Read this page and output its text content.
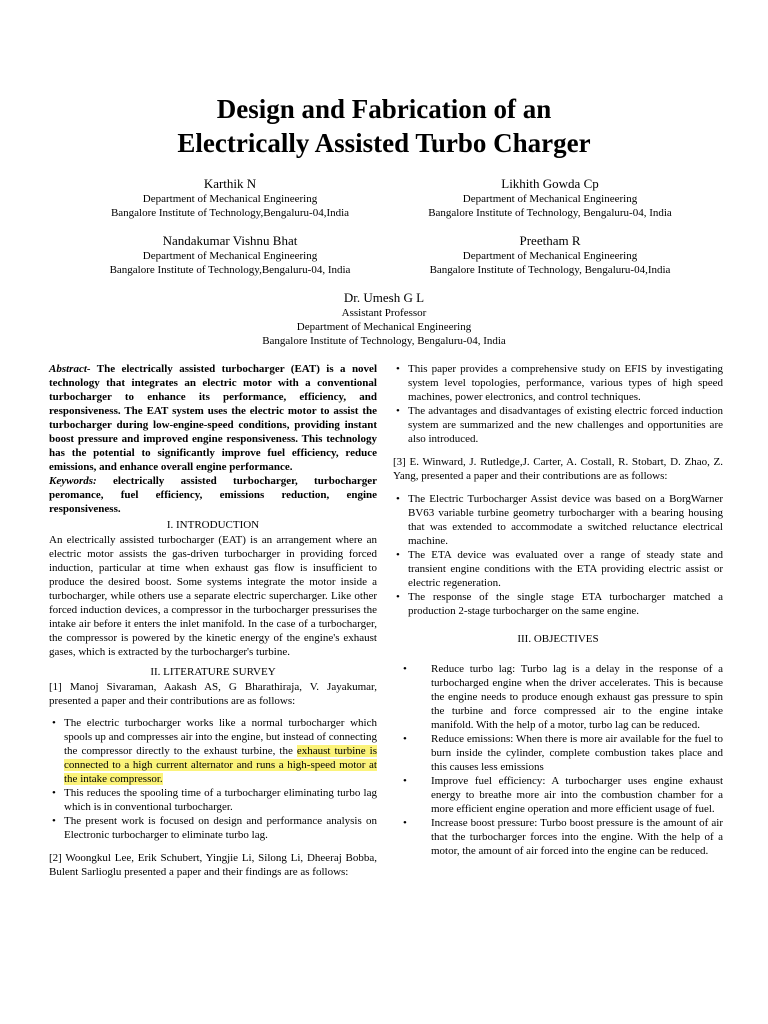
Design and Fabrication of an
Electrically Assisted Turbo Charger
Karthik N
Department of Mechanical Engineering
Bangalore Institute of Technology,Bengaluru-04,India
Likhith Gowda Cp
Department of Mechanical Engineering
Bangalore Institute of Technology, Bengaluru-04, India
Nandakumar Vishnu Bhat
Department of Mechanical Engineering
Bangalore Institute of Technology,Bengaluru-04, India
Preetham R
Department of Mechanical Engineering
Bangalore Institute of Technology, Bengaluru-04,India
Dr. Umesh G L
Assistant Professor
Department of Mechanical Engineering
Bangalore Institute of Technology, Bengaluru-04, India

Abstract- The electrically assisted turbocharger (EAT) is a novel technology that integrates an electric motor with a conventional turbocharger to enhance its performance, efficiency, and responsiveness. The EAT system uses the electric motor to assist the turbocharger during low-engine-speed conditions, providing instant boost pressure and improved engine responsiveness. This technology has the potential to significantly improve fuel efficiency, reduce emissions, and enhance overall engine performance.

Keywords: electrically assisted turbocharger, turbocharger peromance, fuel efficiency, emissions reduction, engine responsiveness.

I. INTRODUCTION

An electrically assisted turbocharger (EAT) is an arrangement where an electric motor assists the gas-driven turbocharger in providing forced induction, particular at time when exhaust gas flow is insufficient to produce the desired boost. Some systems integrate the motor inside a turbocharger, while others use a separate electric supercharger. Like other forced induction devices, a compressor in the turbocharger pressurises the intake air before it enters the inlet manifold. In the case of a turbocharger, the compressor is powered by the kinetic energy of the engine's exhaust gases, which is extracted by the turbocharger's turbine.

II. LITERATURE SURVEY

[1] Manoj Sivaraman, Aakash AS, G Bharathiraja, V. Jayakumar, presented a paper and their contributions are as follows:

• The electric turbocharger works like a normal turbocharger which spools up and compresses air into the engine, but instead of connecting the compressor directly to the exhaust turbine, the exhaust turbine is connected to a high current alternator and runs a high-speed motor at the intake compressor.
• This reduces the spooling time of a turbocharger eliminating turbo lag which is in conventional turbocharger.
• The present work is focused on design and performance analysis on Electronic turbocharger to eliminate turbo lag.

[2] Woongkul Lee, Erik Schubert, Yingjie Li, Silong Li, Dheeraj Bobba, Bulent Sarlioglu presented a paper and their findings are as follows:

• This paper provides a comprehensive study on EFIS by investigating system level topologies, performance, various types of high speed machines, power electronics, and control techniques.
• The advantages and disadvantages of existing electric forced induction system are summarized and the new challenges and opportunities are also introduced.

[3] E. Winward, J. Rutledge,J. Carter, A. Costall, R. Stobart, D. Zhao, Z. Yang, presented a paper and their contributions are as follows:

• The Electric Turbocharger Assist device was based on a BorgWarner BV63 variable turbine geometry turbocharger with a bearing housing that was extended to accommodate a switched reluctance electrical machine.
• The ETA device was evaluated over a range of steady state and transient engine conditions with the ETA providing electric assist or electric regeneration.
• The response of the single stage ETA turbocharger matched a production 2-stage turbocharger on the same engine.

III. OBJECTIVES

• Reduce turbo lag: Turbo lag is a delay in the response of a turbocharged engine when the driver accelerates. This is because the engine needs to produce enough exhaust gas pressure to spin the turbine and force compressed air to the engine intake manifold. With the help of a motor, turbo lag can be reduced.
• Reduce emissions: When there is more air available for the fuel to burn inside the cylinder, complete combustion takes place and this causes less emissions
• Improve fuel efficiency: A turbocharger uses engine exhaust energy to breathe more air into the combustion chamber for a more efficient engine operation and more efficient usage of fuel.
• Increase boost pressure: Turbo boost pressure is the amount of air that the turbocharger forces into the engine. With the help of a motor, the amount of air forced into the engine can be reduced.
